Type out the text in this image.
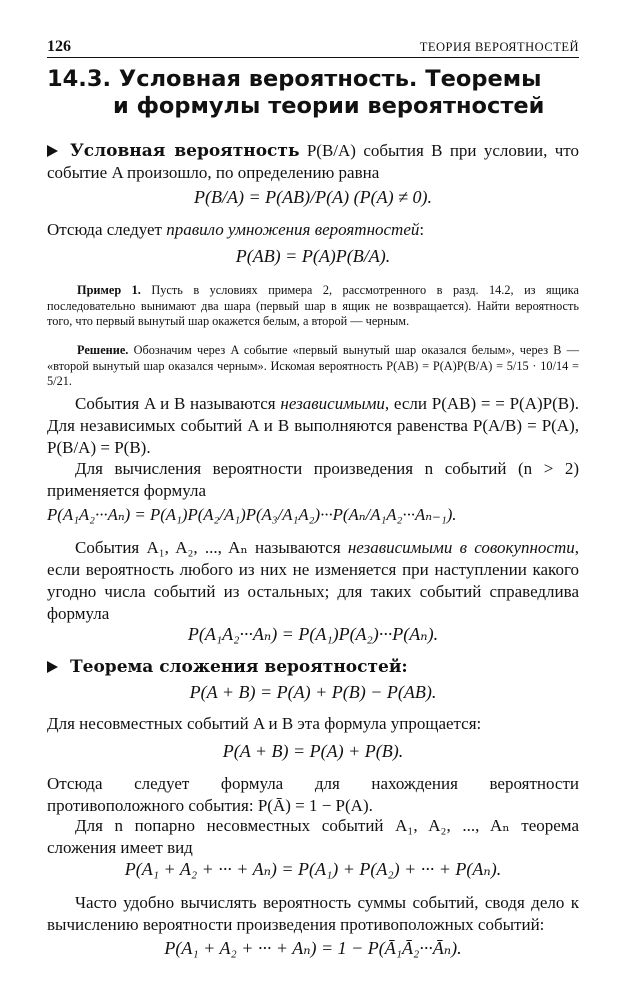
126	ТЕОРИЯ ВЕРОЯТНОСТЕЙ
14.3. Условная вероятность. Теоремы
и формулы теории вероятностей
Условная вероятность P(B/A) события B при условии, что событие A произошло, по определению равна
P(B/A) = P(AB)/P(A) (P(A) ≠ 0).
Отсюда следует правило умножения вероятностей:
P(AB) = P(A)P(B/A).
Пример 1. Пусть в условиях примера 2, рассмотренного в разд. 14.2, из ящика последовательно вынимают два шара (первый шар в ящик не возвращается). Найти вероятность того, что первый вынутый шар окажется белым, а второй — черным.
Решение. Обозначим через A событие «первый вынутый шар оказался белым», через B — «второй вынутый шар оказался черным». Искомая вероятность P(AB) = P(A)P(B/A) = 5/15 · 10/14 = 5/21.
События A и B называются независимыми, если P(AB) = = P(A)P(B). Для независимых событий A и B выполняются равенства P(A/B) = P(A), P(B/A) = P(B).
Для вычисления вероятности произведения n событий (n > 2) применяется формула
P(A₁A₂···Aₙ) = P(A₁)P(A₂/A₁)P(A₃/A₁A₂)···P(Aₙ/A₁A₂···Aₙ₋₁).
События A₁, A₂, ..., Aₙ называются независимыми в совокупности, если вероятность любого из них не изменяется при наступлении какого угодно числа событий из остальных; для таких событий справедлива формула
P(A₁A₂···Aₙ) = P(A₁)P(A₂)···P(Aₙ).
Теорема сложения вероятностей:
P(A + B) = P(A) + P(B) − P(AB).
Для несовместных событий A и B эта формула упрощается:
P(A + B) = P(A) + P(B).
Отсюда следует формула для нахождения вероятности противоположного события: P(Ā) = 1 − P(A).
Для n попарно несовместных событий A₁, A₂, ..., Aₙ теорема сложения имеет вид
P(A₁ + A₂ + ··· + Aₙ) = P(A₁) + P(A₂) + ··· + P(Aₙ).
Часто удобно вычислять вероятность суммы событий, сводя дело к вычислению вероятности произведения противоположных событий:
P(A₁ + A₂ + ··· + Aₙ) = 1 − P(Ā₁Ā₂···Āₙ).
